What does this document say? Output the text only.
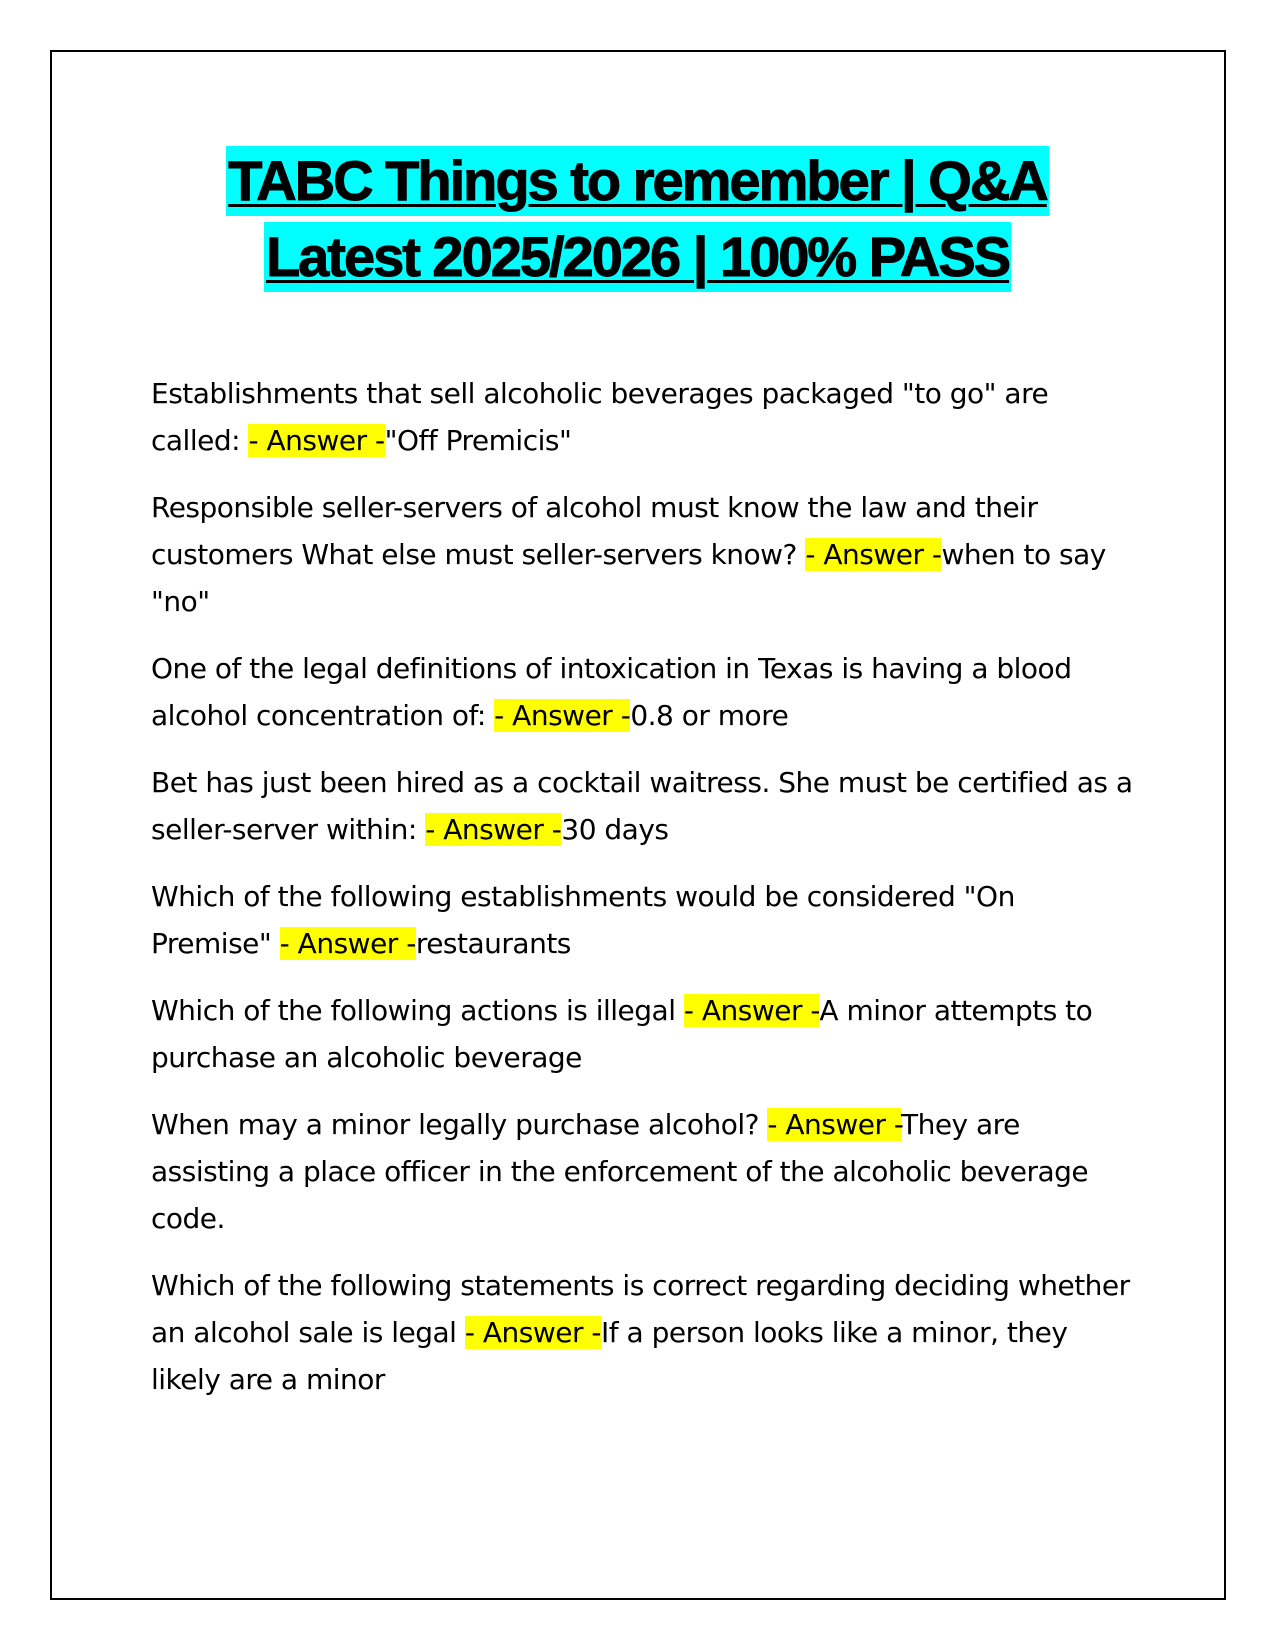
TABC Things to remember | Q&A
Latest 2025/2026 | 100% PASS

Establishments that sell alcoholic beverages packaged "to go" are called: - Answer -"Off Premicis"

Responsible seller-servers of alcohol must know the law and their customers What else must seller-servers know? - Answer -when to say "no"

One of the legal definitions of intoxication in Texas is having a blood alcohol concentration of: - Answer -0.8 or more

Bet has just been hired as a cocktail waitress. She must be certified as a seller-server within: - Answer -30 days

Which of the following establishments would be considered "On Premise" - Answer -restaurants

Which of the following actions is illegal - Answer -A minor attempts to purchase an alcoholic beverage

When may a minor legally purchase alcohol? - Answer -They are assisting a place officer in the enforcement of the alcoholic beverage code.

Which of the following statements is correct regarding deciding whether an alcohol sale is legal - Answer -If a person looks like a minor, they likely are a minor
